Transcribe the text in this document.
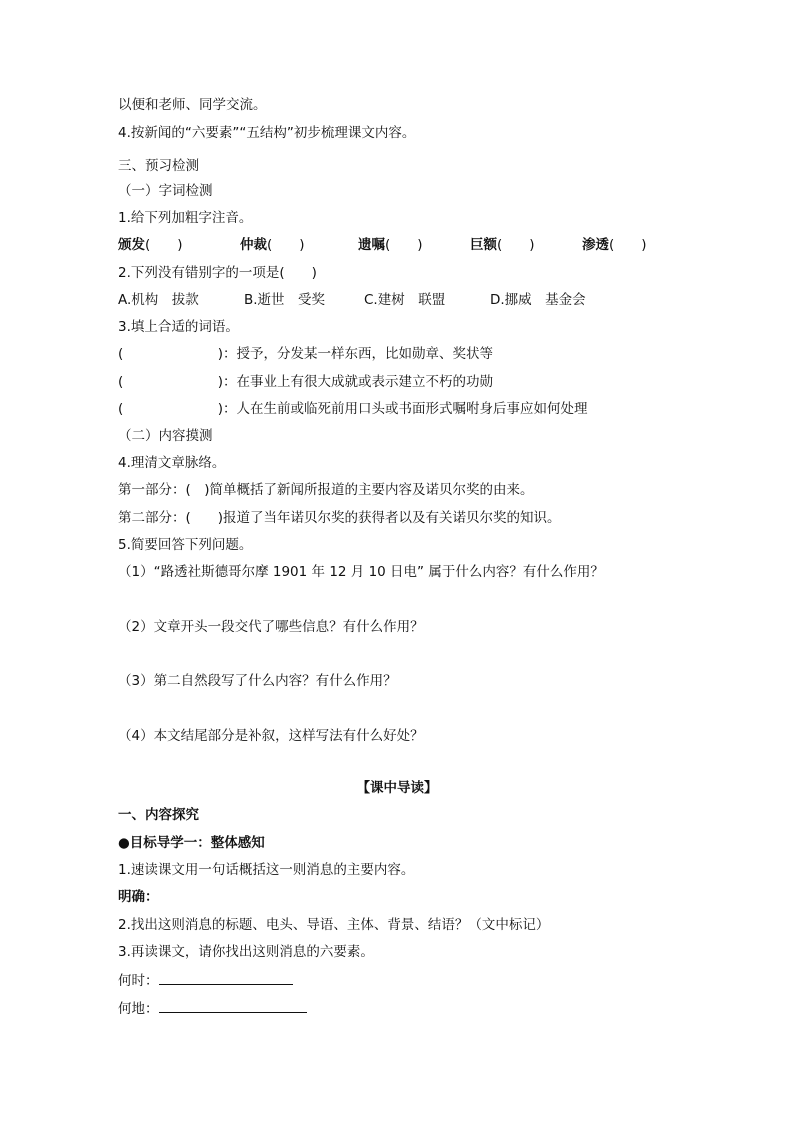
以便和老师、同学交流。
4.按新闻的“六要素”“五结构”初步梳理课文内容。
三、预习检测
（一）字词检测
1.给下列加粗字注音。
颁发(　　)	仲裁(　　)	遗嘱(　　)	巨额(　　)	渗透(　　)
2.下列没有错别字的一项是(　　)
A.机构　拔款	B.逝世　受奖	C.建树　联盟	D.挪威　基金会
3.填上合适的词语。
(　　　　　　　)：授予，分发某一样东西，比如勋章、奖状等
(　　　　　　　)：在事业上有很大成就或表示建立不朽的功勋
(　　　　　　　)：人在生前或临死前用口头或书面形式嘱咐身后事应如何处理
（二）内容摸测
4.理清文章脉络。
第一部分：(　)简单概括了新闻所报道的主要内容及诺贝尔奖的由来。
第二部分：(　　)报道了当年诺贝尔奖的获得者以及有关诺贝尔奖的知识。
5.简要回答下列问题。
（1）“路透社斯德哥尔摩 1901 年 12 月 10 日电” 属于什么内容？有什么作用？
（2）文章开头一段交代了哪些信息？有什么作用？
（3）第二自然段写了什么内容？有什么作用？
（4）本文结尾部分是补叙，这样写法有什么好处？
【课中导读】
一、内容探究
●目标导学一：整体感知
1.速读课文用一句话概括这一则消息的主要内容。
明确：
2.找出这则消息的标题、电头、导语、主体、背景、结语？（文中标记）
3.再读课文，请你找出这则消息的六要素。
何时：
何地：
